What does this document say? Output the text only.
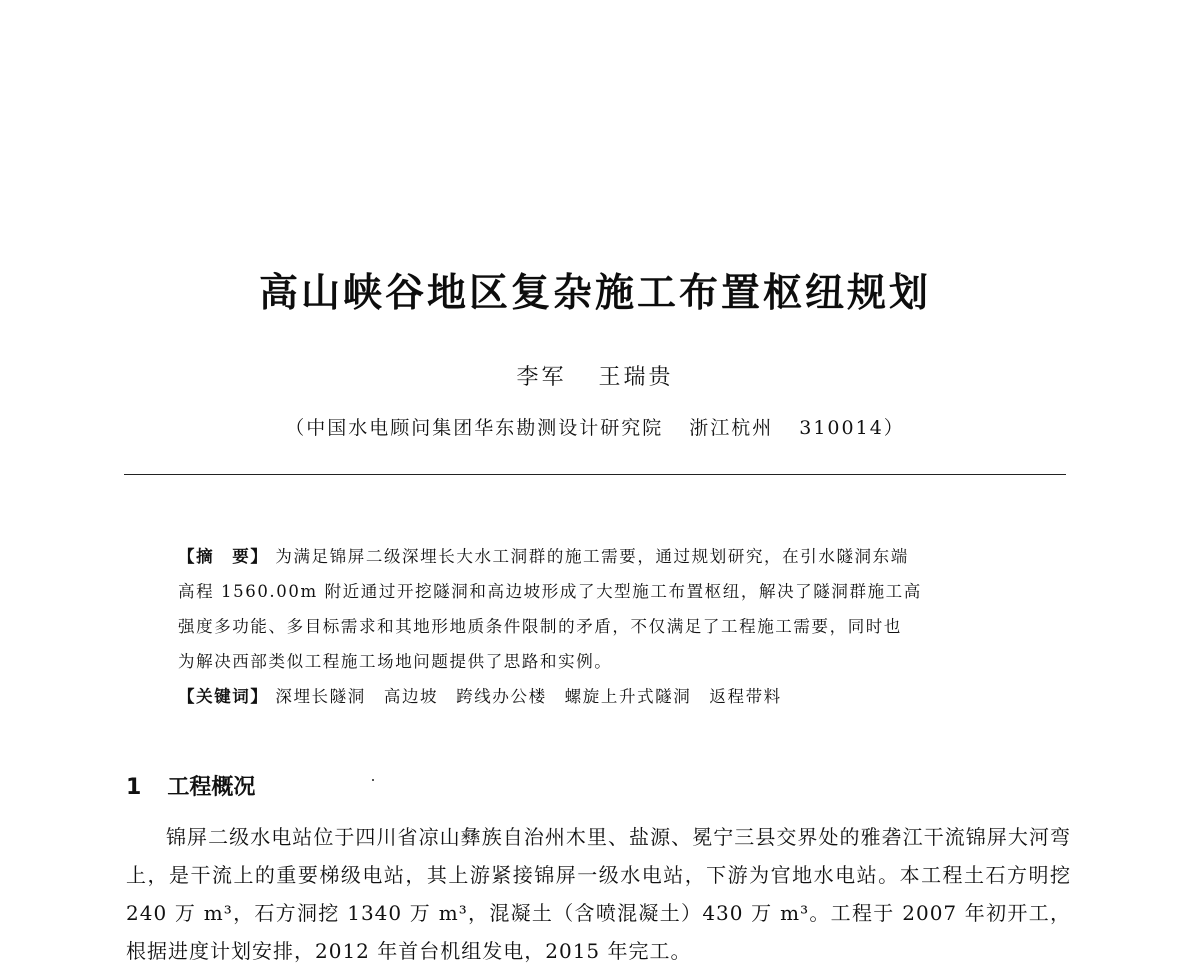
高山峡谷地区复杂施工布置枢纽规划
李军 王瑞贵
（中国水电顾问集团华东勘测设计研究院 浙江杭州 310014）
【摘　要】 为满足锦屏二级深埋长大水工洞群的施工需要，通过规划研究，在引水隧洞东端
高程 1560.00m 附近通过开挖隧洞和高边坡形成了大型施工布置枢纽，解决了隧洞群施工高
强度多功能、多目标需求和其地形地质条件限制的矛盾，不仅满足了工程施工需要，同时也
为解决西部类似工程施工场地问题提供了思路和实例。
【关键词】 深埋长隧洞 高边坡 跨线办公楼 螺旋上升式隧洞 返程带料
1 工程概况

锦屏二级水电站位于四川省凉山彝族自治州木里、盐源、冕宁三县交界处的雅砻江干流锦屏大河弯上，是干流上的重要梯级电站，其上游紧接锦屏一级水电站，下游为官地水电站。本工程土石方明挖 240 万 m³，石方洞挖 1340 万 m³，混凝土（含喷混凝土）430 万 m³。工程于 2007 年初开工，根据进度计划安排，2012 年首台机组发电，2015 年完工。
